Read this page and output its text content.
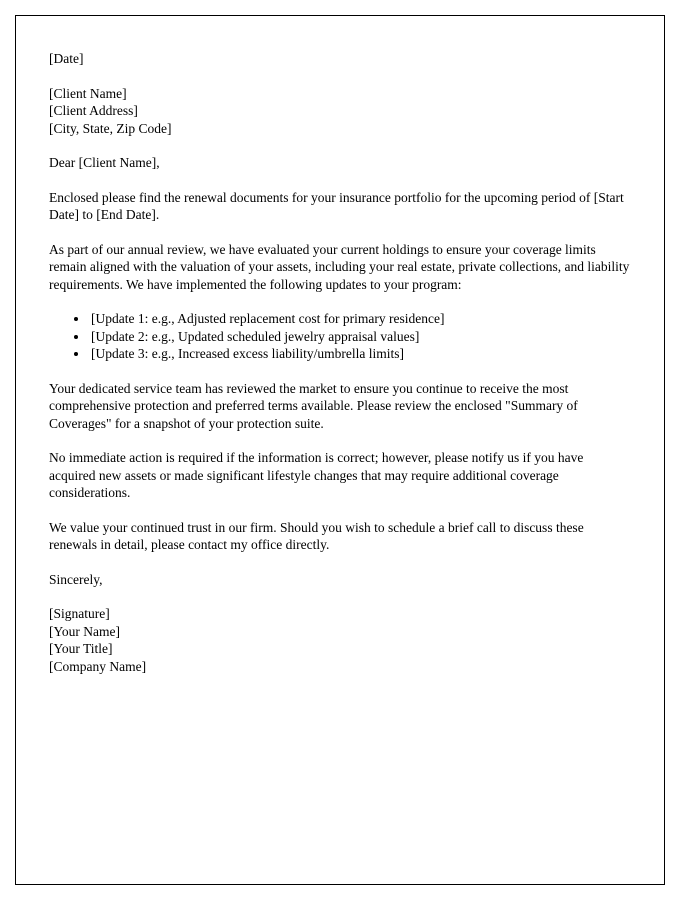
[Date]

[Client Name]

[Client Address]

[City, State, Zip Code]

Dear [Client Name],

Enclosed please find the renewal documents for your insurance portfolio for the upcoming period of [Start Date] to [End Date].

As part of our annual review, we have evaluated your current holdings to ensure your coverage limits remain aligned with the valuation of your assets, including your real estate, private collections, and liability requirements. We have implemented the following updates to your program:

• [Update 1: e.g., Adjusted replacement cost for primary residence]
• [Update 2: e.g., Updated scheduled jewelry appraisal values]
• [Update 3: e.g., Increased excess liability/umbrella limits]

Your dedicated service team has reviewed the market to ensure you continue to receive the most comprehensive protection and preferred terms available. Please review the enclosed "Summary of Coverages" for a snapshot of your protection suite.

No immediate action is required if the information is correct; however, please notify us if you have acquired new assets or made significant lifestyle changes that may require additional coverage considerations.

We value your continued trust in our firm. Should you wish to schedule a brief call to discuss these renewals in detail, please contact my office directly.

Sincerely,

[Signature]

[Your Name]

[Your Title]

[Company Name]
